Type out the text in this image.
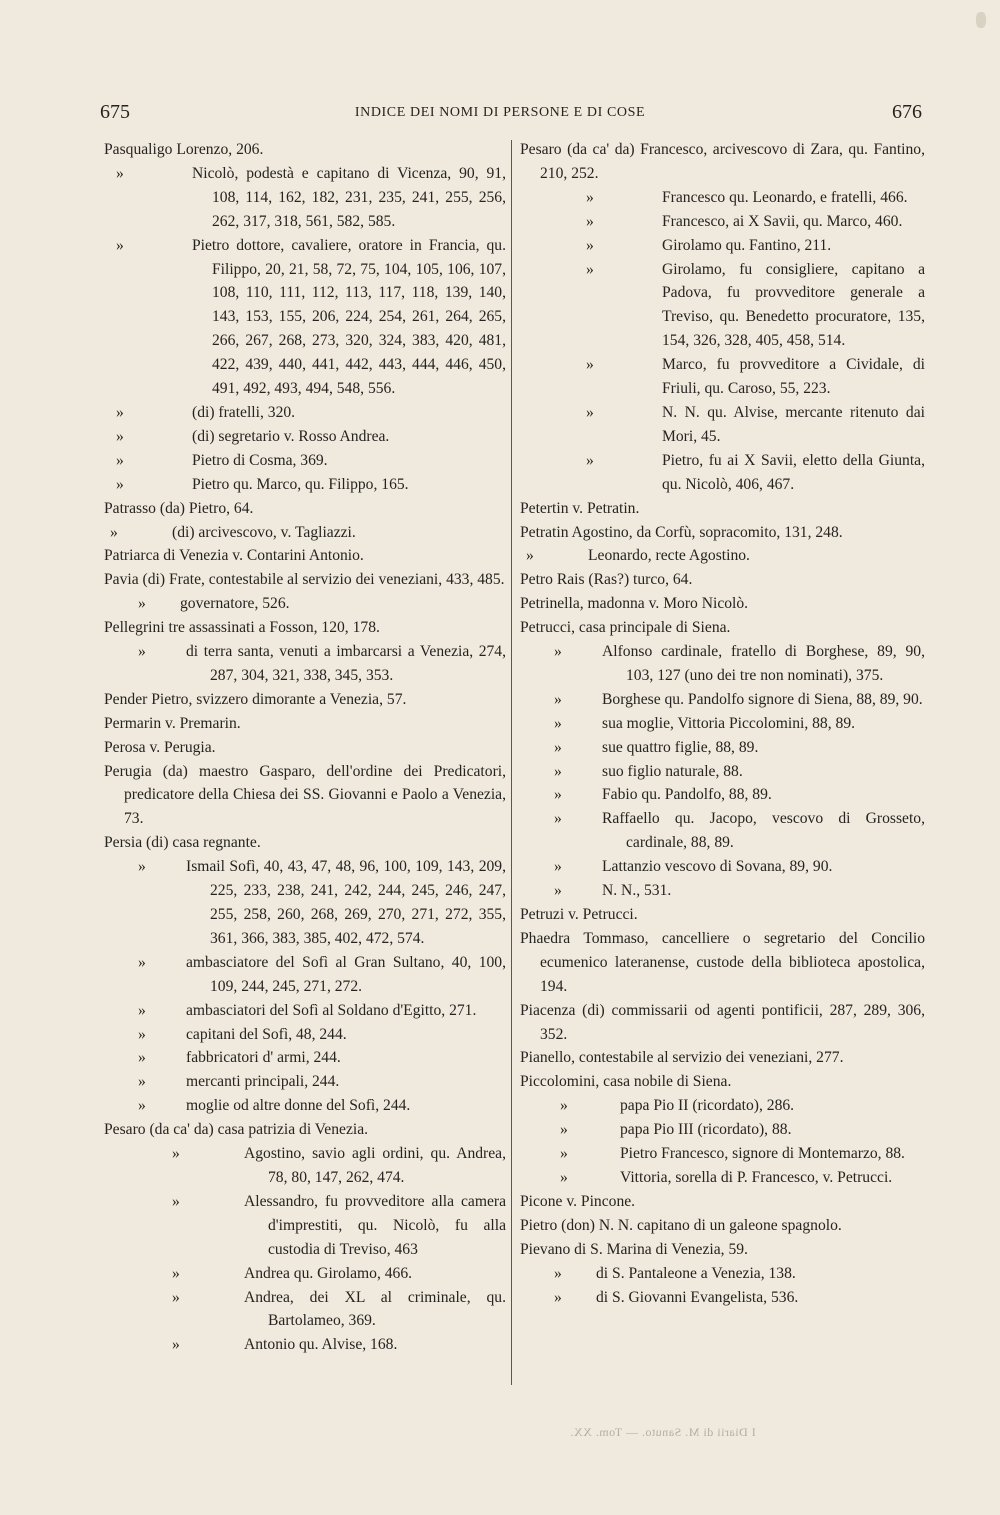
675	INDICE DEI NOMI DI PERSONE E DI COSE	676
Pasqualigo Lorenzo, 206.
»	Nicolò, podestà e capitano di Vicenza, 90, 91, 108, 114, 162, 182, 231, 235, 241, 255, 256, 262, 317, 318, 561, 582, 585.
»	Pietro dottore, cavaliere, oratore in Francia, qu. Filippo, 20, 21, 58, 72, 75, 104, 105, 106, 107, 108, 110, 111, 112, 113, 117, 118, 139, 140, 143, 153, 155, 206, 224, 254, 261, 264, 265, 266, 267, 268, 273, 320, 324, 383, 420, 481, 422, 439, 440, 441, 442, 443, 444, 446, 450, 491, 492, 493, 494, 548, 556.
»	(di) fratelli, 320.
»	(di) segretario v. Rosso Andrea.
»	Pietro di Cosma, 369.
»	Pietro qu. Marco, qu. Filippo, 165.
Patrasso (da) Pietro, 64.
»	(di) arcivescovo, v. Tagliazzi.
Patriarca di Venezia v. Contarini Antonio.
Pavia (di) Frate, contestabile al servizio dei veneziani, 433, 485.
» governatore, 526.
Pellegrini tre assassinati a Fosson, 120, 178.
»	di terra santa, venuti a imbarcarsi a Venezia, 274, 287, 304, 321, 338, 345, 353.
Pender Pietro, svizzero dimorante a Venezia, 57.
Permarin v. Premarin.
Perosa v. Perugia.
Perugia (da) maestro Gasparo, dell'ordine dei Predicatori, predicatore della Chiesa dei SS. Giovanni e Paolo a Venezia, 73.
Persia (di) casa regnante.
»	Ismail Sofì, 40, 43, 47, 48, 96, 100, 109, 143, 209, 225, 233, 238, 241, 242, 244, 245, 246, 247, 255, 258, 260, 268, 269, 270, 271, 272, 355, 361, 366, 383, 385, 402, 472, 574.
»	ambasciatore del Sofì al Gran Sultano, 40, 100, 109, 244, 245, 271, 272.
»	ambasciatori del Sofì al Soldano d'Egitto, 271.
»	capitani del Sofì, 48, 244.
»	fabbricatori d' armi, 244.
»	mercanti principali, 244.
»	moglie od altre donne del Sofì, 244.
Pesaro (da ca' da) casa patrizia di Venezia.
»	Agostino, savio agli ordini, qu. Andrea, 78, 80, 147, 262, 474.
»	Alessandro, fu provveditore alla camera d'imprestiti, qu. Nicolò, fu alla custodia di Treviso, 463
»	Andrea qu. Girolamo, 466.
»	Andrea, dei XL al criminale, qu. Bartolameo, 369.
»	Antonio qu. Alvise, 168.
Pesaro (da ca' da) Francesco, arcivescovo di Zara, qu. Fantino, 210, 252.
»	Francesco qu. Leonardo, e fratelli, 466.
»	Francesco, ai X Savii, qu. Marco, 460.
»	Girolamo qu. Fantino, 211.
»	Girolamo, fu consigliere, capitano a Padova, fu provveditore generale a Treviso, qu. Benedetto procuratore, 135, 154, 326, 328, 405, 458, 514.
»	Marco, fu provveditore a Cividale, di Friuli, qu. Caroso, 55, 223.
»	N. N. qu. Alvise, mercante ritenuto dai Mori, 45.
»	Pietro, fu ai X Savii, eletto della Giunta, qu. Nicolò, 406, 467.
Petertin v. Petratin.
Petratin Agostino, da Corfù, sopracomito, 131, 248.
»	Leonardo, recte Agostino.
Petro Rais (Ras?) turco, 64.
Petrinella, madonna v. Moro Nicolò.
Petrucci, casa principale di Siena.
»	Alfonso cardinale, fratello di Borghese, 89, 90, 103, 127 (uno dei tre non nominati), 375.
»	Borghese qu. Pandolfo signore di Siena, 88, 89, 90.
»	sua moglie, Vittoria Piccolomini, 88, 89.
»	sue quattro figlie, 88, 89.
»	suo figlio naturale, 88.
»	Fabio qu. Pandolfo, 88, 89.
»	Raffaello qu. Jacopo, vescovo di Grosseto, cardinale, 88, 89.
»	Lattanzio vescovo di Sovana, 89, 90.
»	N. N., 531.
Petruzi v. Petrucci.
Phaedra Tommaso, cancelliere o segretario del Concilio ecumenico lateranense, custode della biblioteca apostolica, 194.
Piacenza (di) commissarii od agenti pontificii, 287, 289, 306, 352.
Pianello, contestabile al servizio dei veneziani, 277.
Piccolomini, casa nobile di Siena.
»	papa Pio II (ricordato), 286.
»	papa Pio III (ricordato), 88.
»	Pietro Francesco, signore di Montemarzo, 88.
»	Vittoria, sorella di P. Francesco, v. Petrucci.
Picone v. Pincone.
Pietro (don) N. N. capitano di un galeone spagnolo.
Pievano di S. Marina di Venezia, 59.
» di S. Pantaleone a Venezia, 138.
» di S. Giovanni Evangelista, 536.
I Diarii di M. Sanuto. — Tom. XX.
